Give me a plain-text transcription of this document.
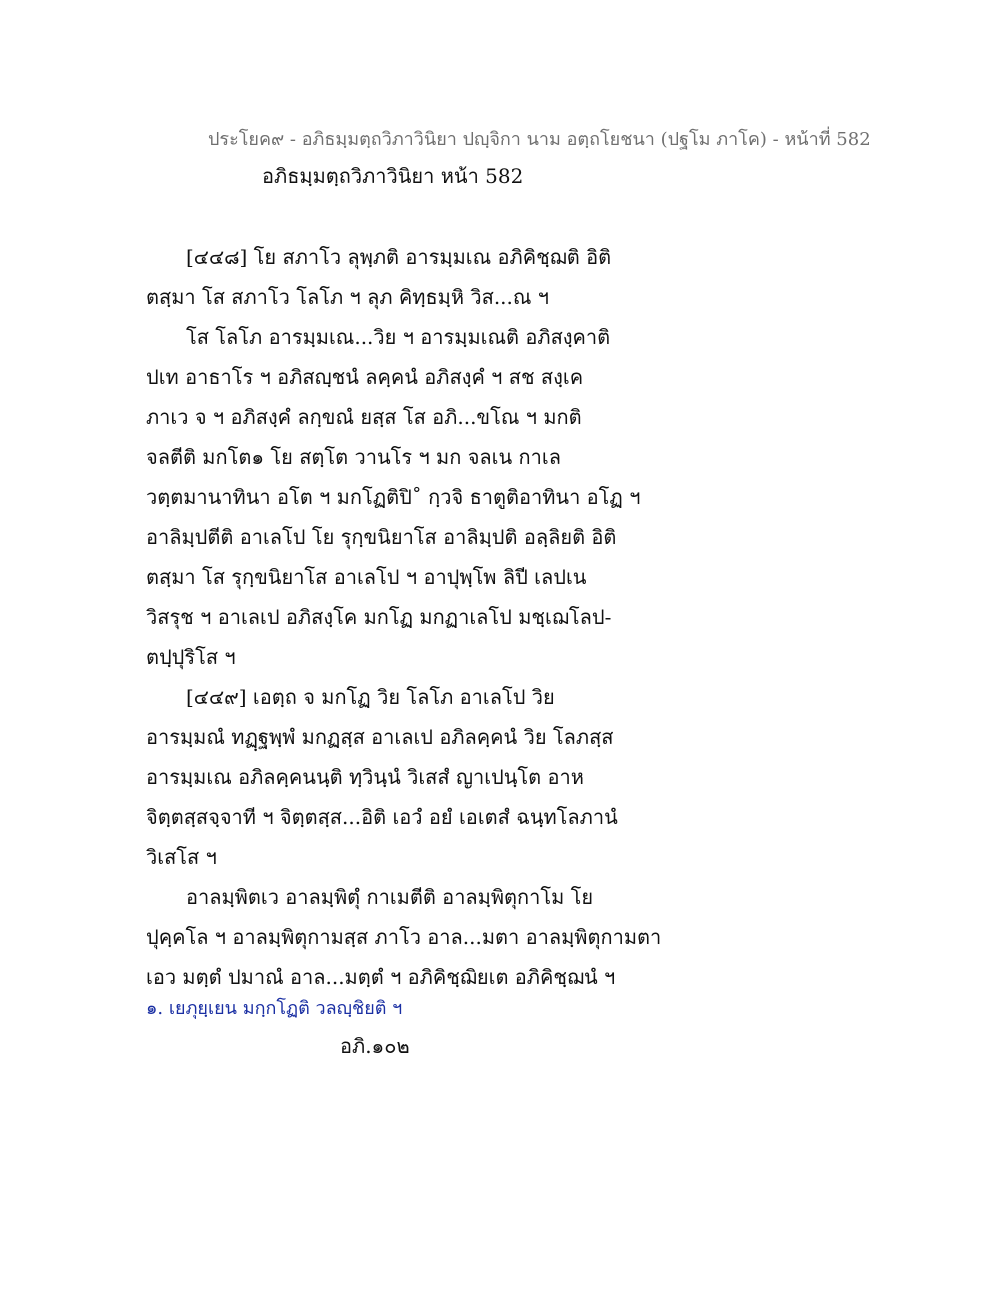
ประโยค๙ - อภิธมฺมตฺถวิภาวินิยา ปญฺจิกา นาม อตฺถโยชนา (ปฐโม ภาโค) - หน้าที่ 582
อภิธมฺมตฺถวิภาวินิยา หน้า 582
[๔๔๘] โย สภาโว ลุพฺภติ อารมฺมเณ อภิคิชฺฌติ อิติ
ตสฺมา โส สภาโว โลโภ ฯ ลุภ คิทฺธมฺหิ วิส...ณ ฯ
โส โลโภ อารมฺมเณ...วิย ฯ อารมฺมเณติ อภิสงฺคาติ
ปเท อาธาโร ฯ อภิสญฺชนํ ลคฺคนํ อภิสงฺคํ ฯ สช สงฺเค
ภาเว จ ฯ อภิสงฺคํ ลกฺขณํ ยสฺส โส อภิ...ขโณ ฯ มกติ
จลตีติ มกโต๑ โย สตฺโต วานโร ฯ มก จลเน กาเล
วตฺตมานาทินา อโต ฯ มกโฏติปิ˚ กฺวจิ ธาตูติอาทินา อโฏ ฯ
อาลิมฺปตีติ อาเลโป โย รุกฺขนิยาโส อาลิมฺปติ อลฺลิยติ อิติ
ตสฺมา โส รุกฺขนิยาโส อาเลโป ฯ อาปุพฺโพ ลิปี เลปเน
วิสรุช ฯ อาเลเป อภิสงฺโค มกโฏ มกฏาเลโป มชฺเฌโลป-
ตปฺปุริโส ฯ
[๔๔๙] เอตฺถ จ มกโฏ วิย โลโภ อาเลโป วิย
อารมฺมณํ ทฏฺฐพฺพํ มกฏสฺส อาเลเป อภิลคฺคนํ วิย โลภสฺส
อารมฺมเณ อภิลคฺคนนฺติ ทฺวินฺนํ วิเสสํ ญาเปนฺโต อาห
จิตฺตสฺสจฺจาที ฯ จิตฺตสฺส...อิติ เอวํ อยํ เอเตสํ ฉนฺทโลภานํ
วิเสโส ฯ
อาลมฺพิตเว อาลมฺพิตุํ กาเมตีติ อาลมฺพิตุกาโม โย
ปุคฺคโล ฯ อาลมฺพิตุกามสฺส ภาโว อาล...มตา อาลมฺพิตุกามตา
เอว มตฺตํ ปมาณํ อาล...มตฺตํ ฯ อภิคิชฺฌิยเต อภิคิชฺฌนํ ฯ
๑. เยภุยฺเยน มกฺกโฏติ วลญฺชิยติ ฯ
อภิ.๑๐๒
